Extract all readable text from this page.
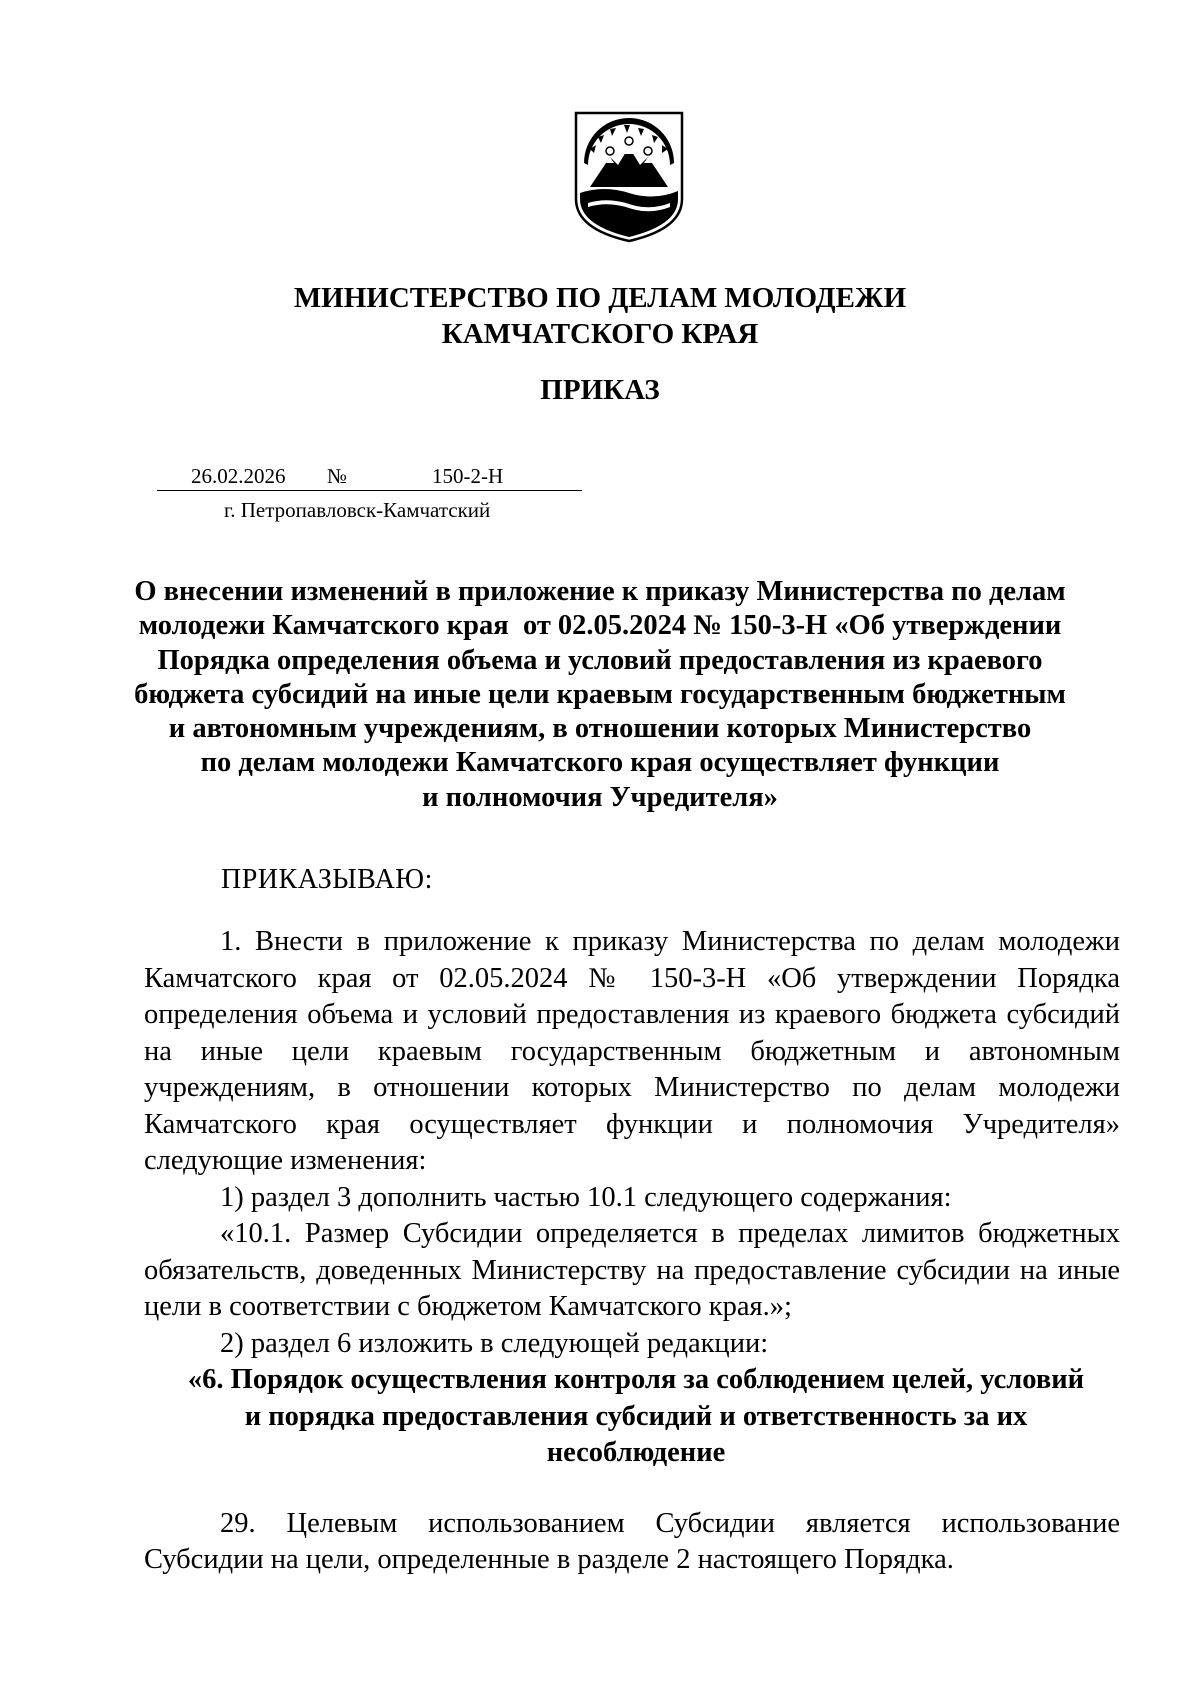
МИНИСТЕРСТВО ПО ДЕЛАМ МОЛОДЕЖИ
КАМЧАТСКОГО КРАЯ
ПРИКАЗ
26.02.2026 №	150-2-Н
г. Петропавловск-Камчатский
О внесении изменений в приложение к приказу Министерства по делам
молодежи Камчатского края  от 02.05.2024 № 150-3-Н «Об утверждении
Порядка определения объема и условий предоставления из краевого
бюджета субсидий на иные цели краевым государственным бюджетным
и автономным учреждениям, в отношении которых Министерство
по делам молодежи Камчатского края осуществляет функции
и полномочия Учредителя»
ПРИКАЗЫВАЮ:

1. Внести в приложение к приказу Министерства по делам молодежи Камчатского края от 02.05.2024 № 150-3-Н «Об утверждении Порядка определения объема и условий предоставления из краевого бюджета субсидий на иные цели краевым государственным бюджетным и автономным учреждениям, в отношении которых Министерство по делам молодежи Камчатского края осуществляет функции и полномочия Учредителя» следующие изменения:

1) раздел 3 дополнить частью 10.1 следующего содержания:

«10.1. Размер Субсидии определяется в пределах лимитов бюджетных обязательств, доведенных Министерству на предоставление субсидии на иные цели в соответствии с бюджетом Камчатского края.»;

2) раздел 6 изложить в следующей редакции:

«6. Порядок осуществления контроля за соблюдением целей, условий
и порядка предоставления субсидий и ответственность за их несоблюдение

29. Целевым использованием Субсидии является использование Субсидии на цели, определенные в разделе 2 настоящего Порядка.
